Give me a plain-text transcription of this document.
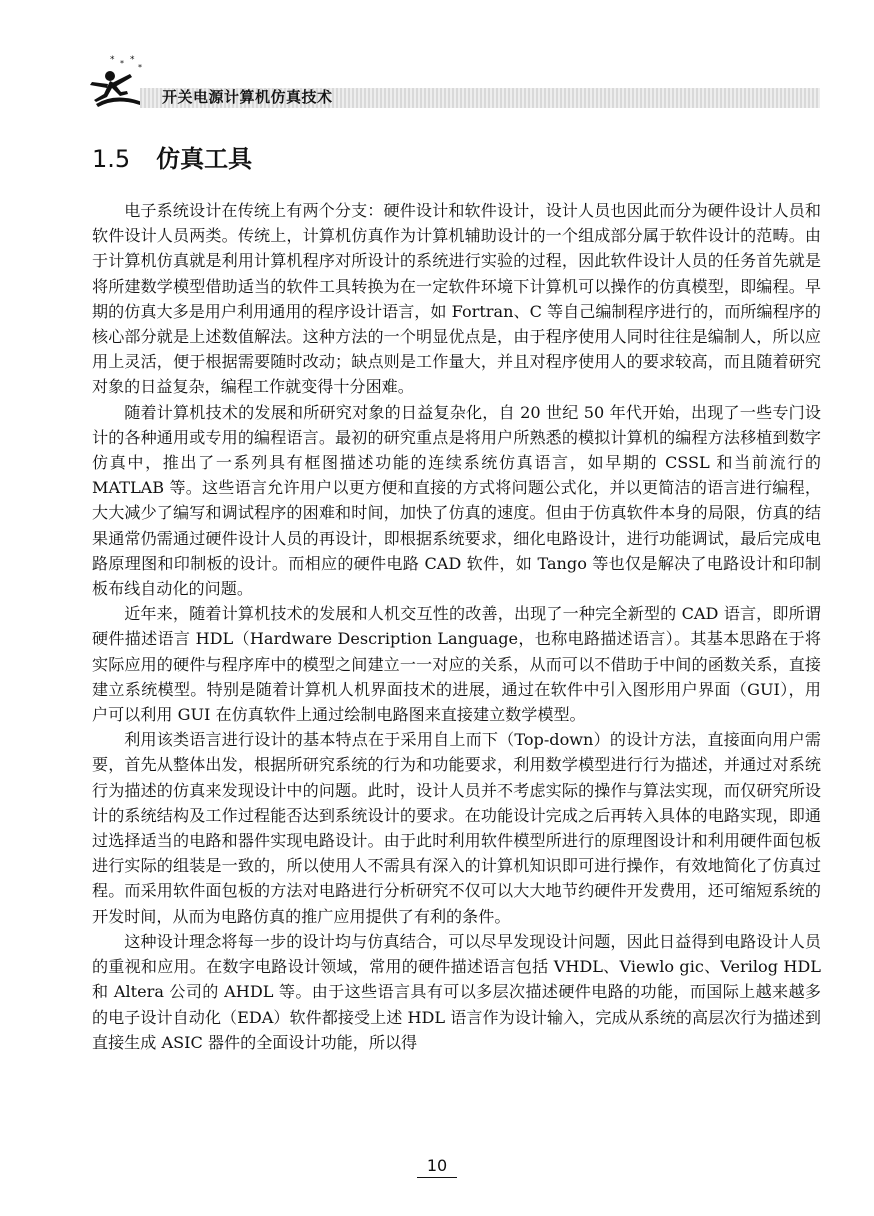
* * *
*
开关电源计算机仿真技术
1.5 仿真工具

电子系统设计在传统上有两个分支：硬件设计和软件设计，设计人员也因此而分为硬件设计人员和软件设计人员两类。传统上，计算机仿真作为计算机辅助设计的一个组成部分属于软件设计的范畴。由于计算机仿真就是利用计算机程序对所设计的系统进行实验的过程，因此软件设计人员的任务首先就是将所建数学模型借助适当的软件工具转换为在一定软件环境下计算机可以操作的仿真模型，即编程。早期的仿真大多是用户利用通用的程序设计语言，如 Fortran、C 等自己编制程序进行的，而所编程序的核心部分就是上述数值解法。这种方法的一个明显优点是，由于程序使用人同时往往是编制人，所以应用上灵活，便于根据需要随时改动；缺点则是工作量大，并且对程序使用人的要求较高，而且随着研究对象的日益复杂，编程工作就变得十分困难。

随着计算机技术的发展和所研究对象的日益复杂化，自 20 世纪 50 年代开始，出现了一些专门设计的各种通用或专用的编程语言。最初的研究重点是将用户所熟悉的模拟计算机的编程方法移植到数字仿真中，推出了一系列具有框图描述功能的连续系统仿真语言，如早期的 CSSL 和当前流行的 MATLAB 等。这些语言允许用户以更方便和直接的方式将问题公式化，并以更简洁的语言进行编程，大大减少了编写和调试程序的困难和时间，加快了仿真的速度。但由于仿真软件本身的局限，仿真的结果通常仍需通过硬件设计人员的再设计，即根据系统要求，细化电路设计，进行功能调试，最后完成电路原理图和印制板的设计。而相应的硬件电路 CAD 软件，如 Tango 等也仅是解决了电路设计和印制板布线自动化的问题。

近年来，随着计算机技术的发展和人机交互性的改善，出现了一种完全新型的 CAD 语言，即所谓硬件描述语言 HDL（Hardware Description Language，也称电路描述语言）。其基本思路在于将实际应用的硬件与程序库中的模型之间建立一一对应的关系，从而可以不借助于中间的函数关系，直接建立系统模型。特别是随着计算机人机界面技术的进展，通过在软件中引入图形用户界面（GUI），用户可以利用 GUI 在仿真软件上通过绘制电路图来直接建立数学模型。

利用该类语言进行设计的基本特点在于采用自上而下（Top-down）的设计方法，直接面向用户需要，首先从整体出发，根据所研究系统的行为和功能要求，利用数学模型进行行为描述，并通过对系统行为描述的仿真来发现设计中的问题。此时，设计人员并不考虑实际的操作与算法实现，而仅研究所设计的系统结构及工作过程能否达到系统设计的要求。在功能设计完成之后再转入具体的电路实现，即通过选择适当的电路和器件实现电路设计。由于此时利用软件模型所进行的原理图设计和利用硬件面包板进行实际的组装是一致的，所以使用人不需具有深入的计算机知识即可进行操作，有效地简化了仿真过程。而采用软件面包板的方法对电路进行分析研究不仅可以大大地节约硬件开发费用，还可缩短系统的开发时间，从而为电路仿真的推广应用提供了有利的条件。

这种设计理念将每一步的设计均与仿真结合，可以尽早发现设计问题，因此日益得到电路设计人员的重视和应用。在数字电路设计领域，常用的硬件描述语言包括 VHDL、Viewlo gic、Verilog HDL 和 Altera 公司的 AHDL 等。由于这些语言具有可以多层次描述硬件电路的功能，而国际上越来越多的电子设计自动化（EDA）软件都接受上述 HDL 语言作为设计输入，完成从系统的高层次行为描述到直接生成 ASIC 器件的全面设计功能，所以得

10
